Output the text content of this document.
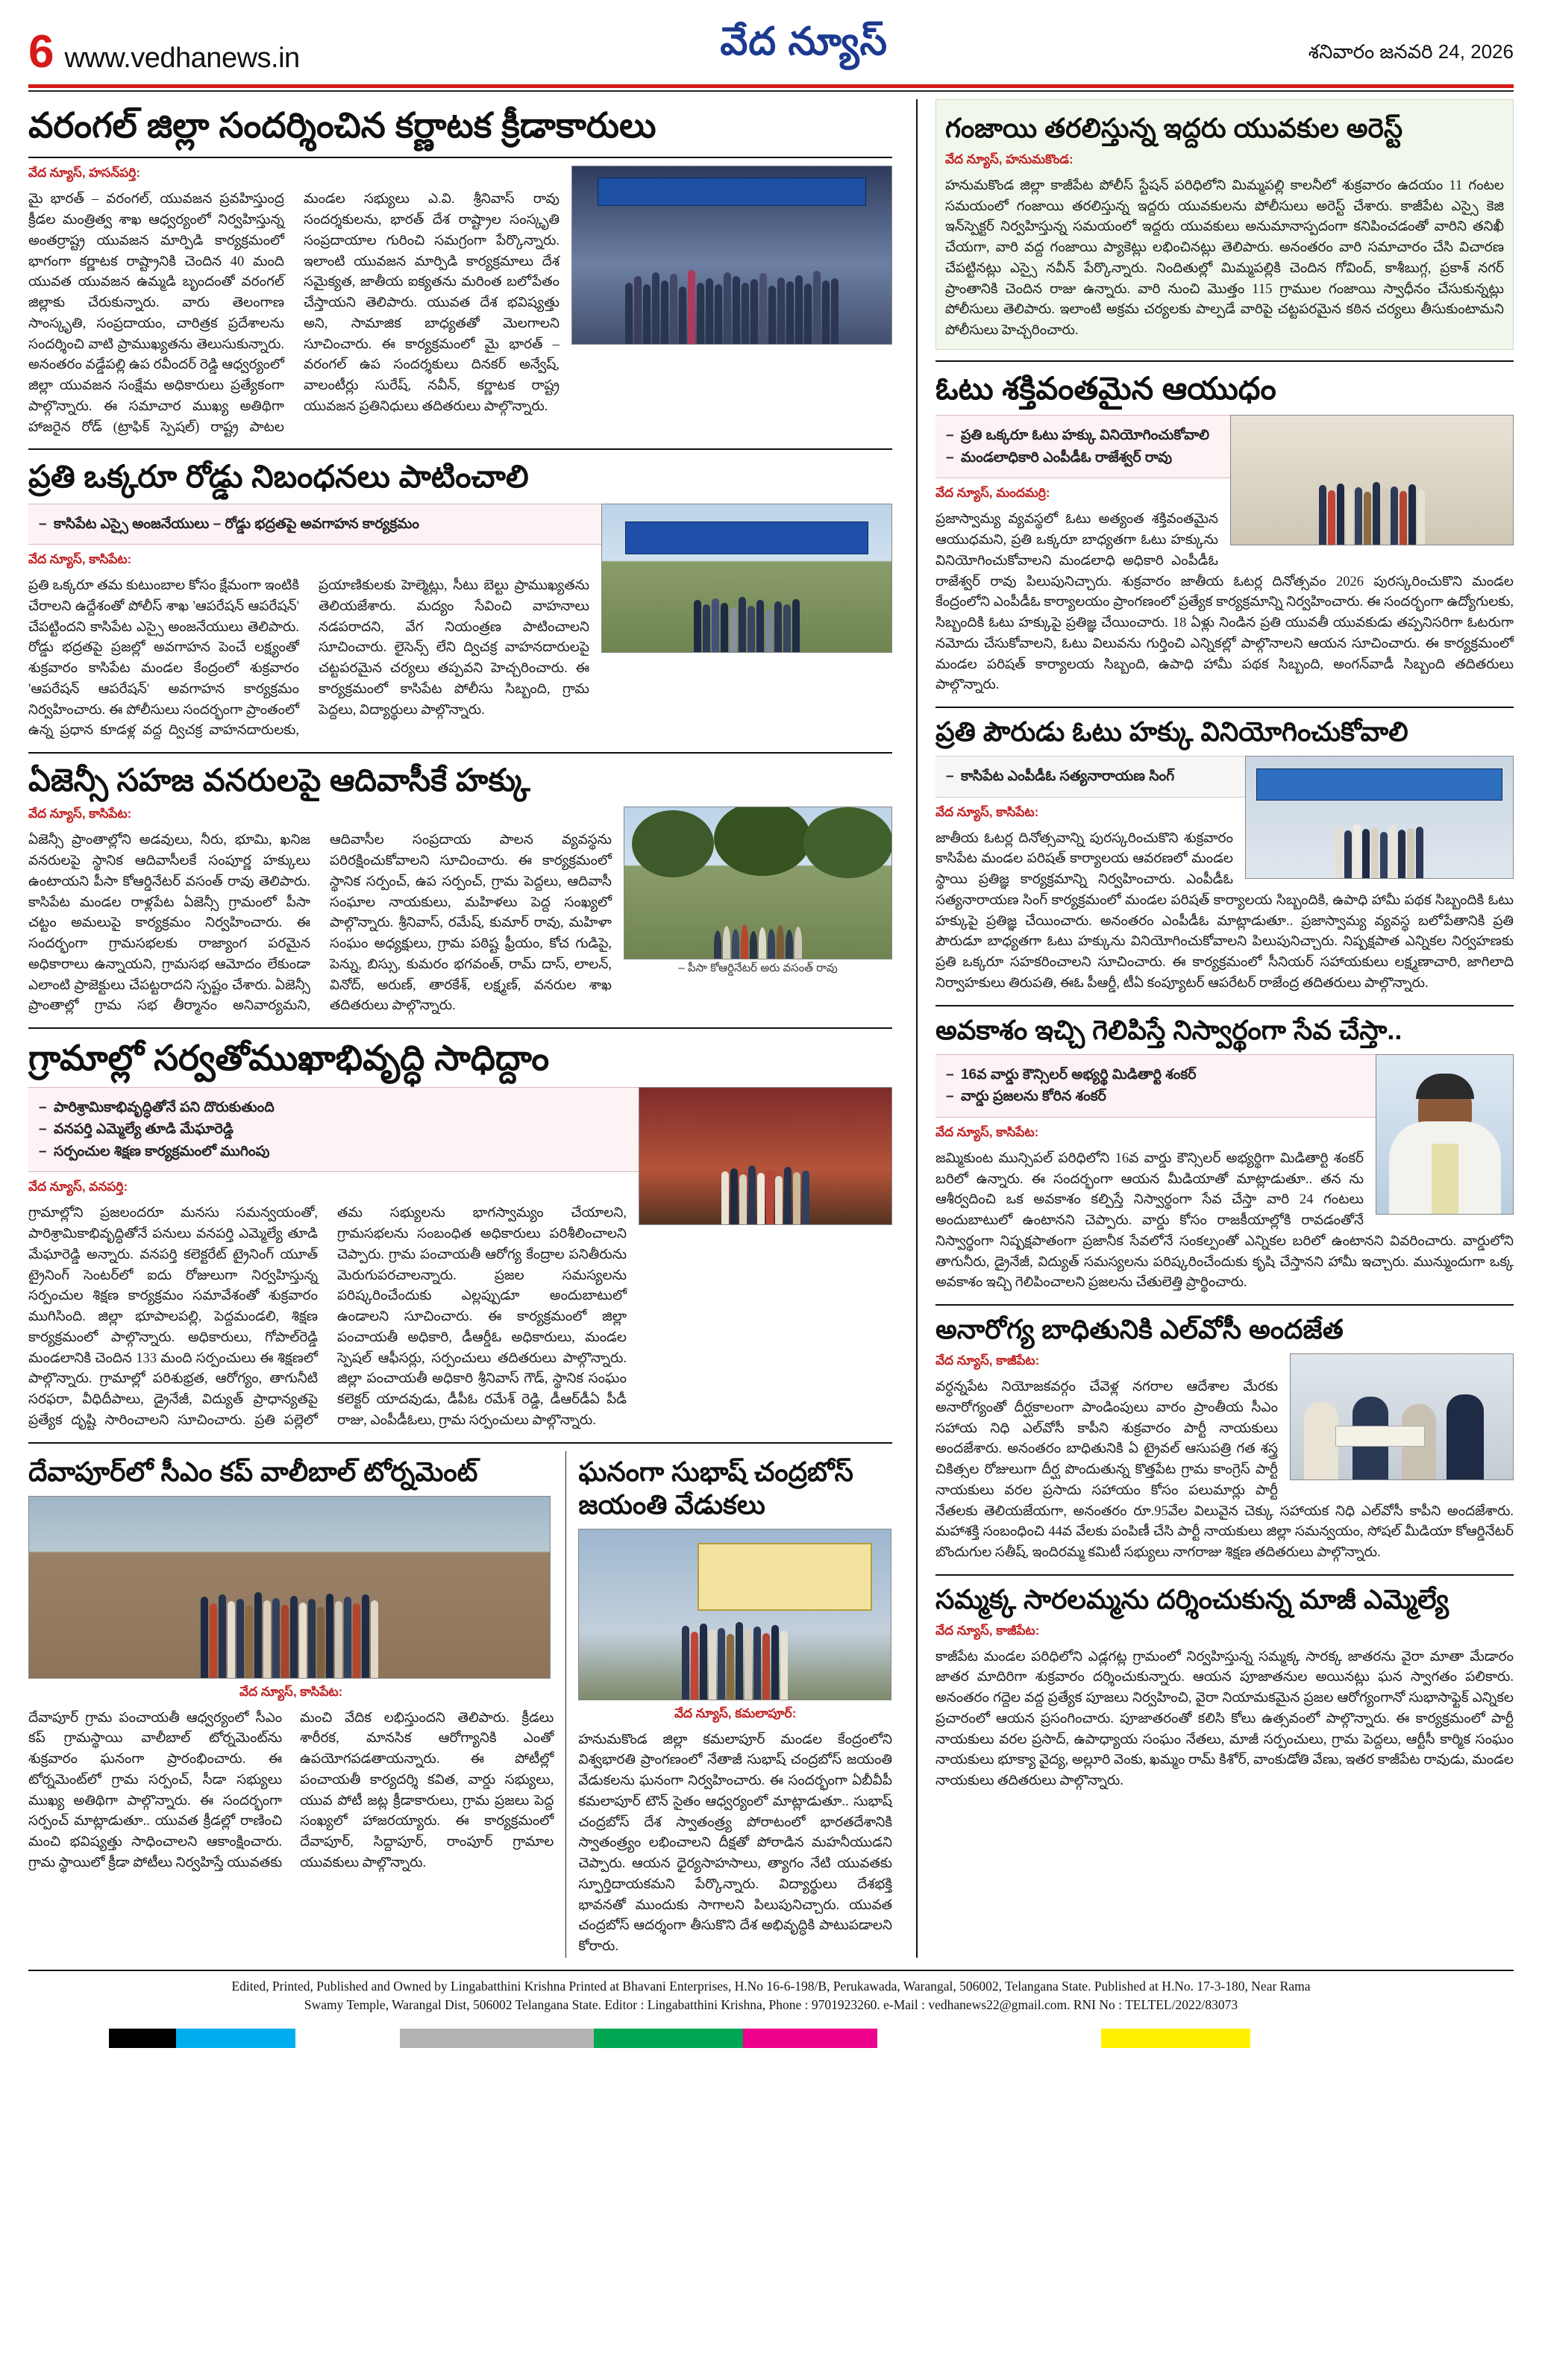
6 www.vedhanews.in	వేద న్యూస్	శనివారం జనవరి 24, 2026
వరంగల్ జిల్లా సందర్శించిన కర్ణాటక క్రీడాకారులు
వేద న్యూస్, హసన్‌పర్తి:
మై భారత్ – వరంగల్, యువజన ప్రవహిస్తుంద్ర క్రీడల మంత్రిత్వ శాఖ ఆధ్వర్యంలో నిర్వహిస్తున్న అంతర్రాష్ట్ర యువజన మార్పిడి కార్యక్రమంలో భాగంగా కర్ణాటక రాష్ట్రానికి చెందిన 40 మంది యువత యువజన ఉమ్మడి బృందంతో వరంగల్ జిల్లాకు చేరుకున్నారు. వారు తెలంగాణ సాంస్కృతి, సంప్రదాయం, చారిత్రక ప్రదేశాలను సందర్శించి వాటి ప్రాముఖ్యతను తెలుసుకున్నారు. అనంతరం వడ్డేపల్లి ఉప రవీందర్ రెడ్డి ఆధ్వర్యంలో జిల్లా యువజన సంక్షేమ అధికారులు ప్రత్యేకంగా పాల్గొన్నారు. ఈ సమాచార ముఖ్య అతిథిగా హాజరైన రోడ్ (ట్రాఫిక్ స్పెషల్) రాష్ట్ర పాటల మండల సభ్యులు ఎ.వి. శ్రీనివాస్ రావు సందర్శకులను, భారత్ దేశ రాష్ట్రాల సంస్కృతి సంప్రదాయాల గురించి సమగ్రంగా పేర్కొన్నారు. ఇలాంటి యువజన మార్పిడి కార్యక్రమాలు దేశ సమైక్యత, జాతీయ ఐక్యతను మరింత బలోపేతం చేస్తాయని తెలిపారు. యువత దేశ భవిష్యత్తు అని, సామాజిక బాధ్యతతో మెలగాలని సూచించారు. ఈ కార్యక్రమంలో మై భారత్ – వరంగల్ ఉప సందర్శకులు దినకర్ అన్వేష్, వాలంటీర్లు సురేష్, నవీన్, కర్ణాటక రాష్ట్ర యువజన ప్రతినిధులు తదితరులు పాల్గొన్నారు.
ప్రతి ఒక్కరూ రోడ్డు నిబంధనలు పాటించాలి
– కాసిపేట ఎస్సై అంజనేయులు – రోడ్డు భద్రతపై అవగాహన కార్యక్రమం
వేద న్యూస్, కాసిపేట:
ప్రతి ఒక్కరూ తమ కుటుంబాల కోసం క్షేమంగా ఇంటికి చేరాలని ఉద్దేశంతో పోలీస్ శాఖ 'ఆపరేషన్ ఆపరేషన్' చేపట్టిందని కాసిపేట ఎస్సై అంజనేయులు తెలిపారు. రోడ్డు భద్రతపై ప్రజల్లో అవగాహన పెంచే లక్ష్యంతో శుక్రవారం కాసిపేట మండల కేంద్రంలో శుక్రవారం 'ఆపరేషన్ ఆపరేషన్' అవగాహన కార్యక్రమం నిర్వహించారు. ఈ పోలీసులు సందర్భంగా ప్రాంతంలో ఉన్న ప్రధాన కూడళ్ల వద్ద ద్విచక్ర వాహనదారులకు, ప్రయాణికులకు హెల్మెట్లు, సీటు బెల్టు ప్రాముఖ్యతను తెలియజేశారు. మద్యం సేవించి వాహనాలు నడపరాదని, వేగ నియంత్రణ పాటించాలని సూచించారు. లైసెన్స్ లేని ద్విచక్ర వాహనదారులపై చట్టపరమైన చర్యలు తప్పవని హెచ్చరించారు. ఈ కార్యక్రమంలో కాసిపేట పోలీసు సిబ్బంది, గ్రామ పెద్దలు, విద్యార్థులు పాల్గొన్నారు.
ఏజెన్సీ సహజ వనరులపై ఆదివాసీకే హక్కు
– పీసా కోఆర్డినేటర్ అరు వసంత్ రావు
వేద న్యూస్, కాసిపేట:
ఏజెన్సీ ప్రాంతాల్లోని అడవులు, నీరు, భూమి, ఖనిజ వనరులపై స్థానిక ఆదివాసీలకే సంపూర్ణ హక్కులు ఉంటాయని పీసా కోఆర్డినేటర్ వసంత్ రావు తెలిపారు. కాసిపేట మండల రాళ్లపేట ఏజెన్సీ గ్రామంలో పీసా చట్టం అమలుపై కార్యక్రమం నిర్వహించారు. ఈ సందర్భంగా గ్రామసభలకు రాజ్యాంగ పరమైన అధికారాలు ఉన్నాయని, గ్రామసభ ఆమోదం లేకుండా ఎలాంటి ప్రాజెక్టులు చేపట్టరాదని స్పష్టం చేశారు. ఏజెన్సీ ప్రాంతాల్లో గ్రామ సభ తీర్మానం అనివార్యమని, ఆదివాసీల సంప్రదాయ పాలన వ్యవస్థను పరిరక్షించుకోవాలని సూచించారు. ఈ కార్యక్రమంలో స్థానిక సర్పంచ్, ఉప సర్పంచ్, గ్రామ పెద్దలు, ఆదివాసీ సంఘాల నాయకులు, మహిళలు పెద్ద సంఖ్యలో పాల్గొన్నారు. శ్రీనివాస్, రమేష్, కుమార్ రావు, మహిళా సంఘం అధ్యక్షులు, గ్రామ పఠిష్ట ఫ్రీయం, కోచ గుడిపై, పెన్ను, బిస్సు, కుమరం భగవంత్, రామ్ దాస్, లాలన్, వినోద్, అరుణ్, తారకేశ్, లక్ష్మణ్, వనరుల శాఖ తదితరులు పాల్గొన్నారు.
గ్రామాల్లో సర్వతోముఖాభివృద్ధి సాధిద్దాం
– పారిశ్రామికాభివృద్ధితోనే పని దొరుకుతుంది
– వనపర్తి ఎమ్మెల్యే తూడి మేఘారెడ్డి
– సర్పంచుల శిక్షణ కార్యక్రమంలో ముగింపు
వేద న్యూస్, వనపర్తి:
గ్రామాల్లోని ప్రజలందరూ మనసు సమన్వయంతో, పారిశ్రామికాభివృద్ధితోనే పనులు వనపర్తి ఎమ్మెల్యే తూడి మేఘారెడ్డి అన్నారు. వనపర్తి కలెక్టరేట్ ట్రైనింగ్ యూత్ ట్రైనింగ్ సెంటర్‌లో ఐదు రోజులుగా నిర్వహిస్తున్న సర్పంచుల శిక్షణ కార్యక్రమం సమావేశంతో శుక్రవారం ముగిసింది. జిల్లా భూపాలపల్లి, పెద్దమండలి, శిక్షణ కార్యక్రమంలో పాల్గొన్నారు. అధికారులు, గోపాల్‌రెడ్డి మండలానికి చెందిన 133 మంది సర్పంచులు ఈ శిక్షణలో పాల్గొన్నారు. గ్రామాల్లో పరిశుభ్రత, ఆరోగ్యం, తాగునీటి సరఫరా, వీధిదీపాలు, డ్రైనేజీ, విద్యుత్ ప్రాధాన్యతపై ప్రత్యేక దృష్టి సారించాలని సూచించారు. ప్రతి పల్లెలో తమ సభ్యులను భాగస్వామ్యం చేయాలని, గ్రామసభలను సంబంధిత అధికారులు పరిశీలించాలని చెప్పారు. గ్రామ పంచాయతీ ఆరోగ్య కేంద్రాల పనితీరును మెరుగుపరచాలన్నారు. ప్రజల సమస్యలను పరిష్కరించేందుకు ఎల్లప్పుడూ అందుబాటులో ఉండాలని సూచించారు. ఈ కార్యక్రమంలో జిల్లా పంచాయతీ అధికారి, డీఆర్డీఓ అధికారులు, మండల స్పెషల్ ఆఫీసర్లు, సర్పంచులు తదితరులు పాల్గొన్నారు. జిల్లా పంచాయతీ అధికారి శ్రీనివాస్ గౌడ్, స్థానిక సంఘం కలెక్టర్ యాదవుడు, డీపీఓ రమేశ్ రెడ్డి, డీఆర్‌డీఏ పీడీ రాజు, ఎంపీడీఓలు, గ్రామ సర్పంచులు పాల్గొన్నారు.
దేవాపూర్‌లో సీఎం కప్ వాలీబాల్ టోర్నమెంట్
వేద న్యూస్, కాసిపేట:
దేవాపూర్ గ్రామ పంచాయతీ ఆధ్వర్యంలో సీఎం కప్ గ్రామస్థాయి వాలీబాల్ టోర్నమెంట్‌ను శుక్రవారం ఘనంగా ప్రారంభించారు. ఈ టోర్నమెంట్‌లో గ్రామ సర్పంచ్, సీడా సభ్యులు ముఖ్య అతిథిగా పాల్గొన్నారు. ఈ సందర్భంగా సర్పంచ్ మాట్లాడుతూ.. యువత క్రీడల్లో రాణించి మంచి భవిష్యత్తు సాధించాలని ఆకాంక్షించారు. గ్రామ స్థాయిలో క్రీడా పోటీలు నిర్వహిస్తే యువతకు మంచి వేదిక లభిస్తుందని తెలిపారు. క్రీడలు శారీరక, మానసిక ఆరోగ్యానికి ఎంతో ఉపయోగపడతాయన్నారు. ఈ పోటీల్లో పంచాయతీ కార్యదర్శి కవిత, వార్డు సభ్యులు, యువ పోటీ జట్ల క్రీడాకారులు, గ్రామ ప్రజలు పెద్ద సంఖ్యలో హాజరయ్యారు. ఈ కార్యక్రమంలో దేవాపూర్, సిద్దాపూర్, రాంపూర్ గ్రామాల యువకులు పాల్గొన్నారు.
ఘనంగా సుభాష్ చంద్రబోస్ జయంతి వేడుకలు
వేద న్యూస్, కమలాపూర్:
హనుమకొండ జిల్లా కమలాపూర్ మండల కేంద్రంలోని విశ్వభారతి ప్రాంగణంలో నేతాజీ సుభాష్ చంద్రబోస్ జయంతి వేడుకలను ఘనంగా నిర్వహించారు. ఈ సందర్భంగా ఏబీవీపీ కమలాపూర్ టౌన్ సైతం ఆధ్వర్యంలో మాట్లాడుతూ.. సుభాష్ చంద్రబోస్ దేశ స్వాతంత్ర్య పోరాటంలో భారతదేశానికి స్వాతంత్ర్యం లభించాలని దీక్షతో పోరాడిన మహనీయుడని చెప్పారు. ఆయన ధైర్యసాహసాలు, త్యాగం నేటి యువతకు స్ఫూర్తిదాయకమని పేర్కొన్నారు. విద్యార్థులు దేశభక్తి భావనతో ముందుకు సాగాలని పిలుపునిచ్చారు. యువత చంద్రబోస్ ఆదర్శంగా తీసుకొని దేశ అభివృద్ధికి పాటుపడాలని కోరారు.
గంజాయి తరలిస్తున్న ఇద్దరు యువకుల అరెస్ట్
వేద న్యూస్, హనుమకొండ:
హనుమకొండ జిల్లా కాజీపేట పోలీస్ స్టేషన్ పరిధిలోని మిమ్మపల్లి కాలనీలో శుక్రవారం ఉదయం 11 గంటల సమయంలో గంజాయి తరలిస్తున్న ఇద్దరు యువకులను పోలీసులు అరెస్ట్ చేశారు. కాజీపేట ఎస్సై కెజి ఇన్‌స్పెక్టర్ నిర్వహిస్తున్న సమయంలో ఇద్దరు యువకులు అనుమానాస్పదంగా కనిపించడంతో వారిని తనిఖీ చేయగా, వారి వద్ద గంజాయి ప్యాకెట్లు లభించినట్లు తెలిపారు. అనంతరం వారి సమాచారం చేసి విచారణ చేపట్టినట్లు ఎస్సై నవీన్ పేర్కొన్నారు. నిందితుల్లో మిమ్మపల్లికి చెందిన గోవింద్, కాశీబుగ్గ, ప్రకాశ్ నగర్ ప్రాంతానికి చెందిన రాజు ఉన్నారు. వారి నుంచి మొత్తం 115 గ్రాముల గంజాయి స్వాధీనం చేసుకున్నట్లు పోలీసులు తెలిపారు. ఇలాంటి అక్రమ చర్యలకు పాల్పడే వారిపై చట్టపరమైన కఠిన చర్యలు తీసుకుంటామని పోలీసులు హెచ్చరించారు.
ఓటు శక్తివంతమైన ఆయుధం
– ప్రతి ఒక్కరూ ఓటు హక్కు వినియోగించుకోవాలి
– మండలాధికారి ఎంపీడీఓ రాజేశ్వర్ రావు
వేద న్యూస్, మందమర్రి:
ప్రజాస్వామ్య వ్యవస్థలో ఓటు అత్యంత శక్తివంతమైన ఆయుధమని, ప్రతి ఒక్కరూ బాధ్యతగా ఓటు హక్కును వినియోగించుకోవాలని మండలాధి అధికారి ఎంపీడీఓ రాజేశ్వర్ రావు పిలుపునిచ్చారు. శుక్రవారం జాతీయ ఓటర్ల దినోత్సవం 2026 పురస్కరించుకొని మండల కేంద్రంలోని ఎంపీడీఓ కార్యాలయం ప్రాంగణంలో ప్రత్యేక కార్యక్రమాన్ని నిర్వహించారు. ఈ సందర్భంగా ఉద్యోగులకు, సిబ్బందికి ఓటు హక్కుపై ప్రతిజ్ఞ చేయించారు. 18 ఏళ్లు నిండిన ప్రతి యువతీ యువకుడు తప్పనిసరిగా ఓటరుగా నమోదు చేసుకోవాలని, ఓటు విలువను గుర్తించి ఎన్నికల్లో పాల్గొనాలని ఆయన సూచించారు. ఈ కార్యక్రమంలో మండల పరిషత్ కార్యాలయ సిబ్బంది, ఉపాధి హామీ పథక సిబ్బంది, అంగన్‌వాడీ సిబ్బంది తదితరులు పాల్గొన్నారు.
ప్రతి పౌరుడు ఓటు హక్కు వినియోగించుకోవాలి
– కాసిపేట ఎంపీడీఓ సత్యనారాయణ సింగ్
వేద న్యూస్, కాసిపేట:
జాతీయ ఓటర్ల దినోత్సవాన్ని పురస్కరించుకొని శుక్రవారం కాసిపేట మండల పరిషత్ కార్యాలయ ఆవరణలో మండల స్థాయి ప్రతిజ్ఞ కార్యక్రమాన్ని నిర్వహించారు. ఎంపీడీఓ సత్యనారాయణ సింగ్ కార్యక్రమంలో మండల పరిషత్ కార్యాలయ సిబ్బందికి, ఉపాధి హామీ పథక సిబ్బందికి ఓటు హక్కుపై ప్రతిజ్ఞ చేయించారు. అనంతరం ఎంపీడీఓ మాట్లాడుతూ.. ప్రజాస్వామ్య వ్యవస్థ బలోపేతానికి ప్రతి పౌరుడూ బాధ్యతగా ఓటు హక్కును వినియోగించుకోవాలని పిలుపునిచ్చారు. నిష్పక్షపాత ఎన్నికల నిర్వహణకు ప్రతి ఒక్కరూ సహకరించాలని సూచించారు. ఈ కార్యక్రమంలో సీనియర్ సహాయకులు లక్ష్మణాచారి, జాగిలాది నిర్వాహకులు తిరుపతి, ఈఓ పీఆర్డీ, టీఏ కంప్యూటర్ ఆపరేటర్ రాజేంద్ర తదితరులు పాల్గొన్నారు.
అవకాశం ఇచ్చి గెలిపిస్తే నిస్వార్థంగా సేవ చేస్తా..
– 16వ వార్డు కౌన్సిలర్ అభ్యర్థి మిడితార్టి శంకర్
– వార్డు ప్రజలను కోరిన శంకర్
వేద న్యూస్, కాసిపేట:
జమ్మికుంట మున్సిపల్ పరిధిలోని 16వ వార్డు కౌన్సిలర్ అభ్యర్థిగా మిడితార్టి శంకర్ బరిలో ఉన్నారు. ఈ సందర్భంగా ఆయన మీడియాతో మాట్లాడుతూ.. తన ను ఆశీర్వదించి ఒక అవకాశం కల్పిస్తే నిస్వార్థంగా సేవ చేస్తా వారి 24 గంటలు అందుబాటులో ఉంటానని చెప్పారు. వార్డు కోసం రాజకీయాల్లోకి రావడంతోనే నిస్వార్థంగా నిష్పక్షపాతంగా ప్రజానీక సేవలోనే సంకల్పంతో ఎన్నికల బరిలో ఉంటానని వివరించారు. వార్డులోని తాగునీరు, డ్రైనేజీ, విద్యుత్ సమస్యలను పరిష్కరించేందుకు కృషి చేస్తానని హామీ ఇచ్చారు. మున్ముందుగా ఒక్క అవకాశం ఇచ్చి గెలిపించాలని ప్రజలను చేతులెత్తి ప్రార్థించారు.
అనారోగ్య బాధితునికి ఎల్‌వోసీ అందజేత
వేద న్యూస్, కాజీపేట:
వర్ధన్నపేట నియోజకవర్గం చేవెళ్ల నగరాల ఆదేశాల మేరకు అనారోగ్యంతో దీర్ఘకాలంగా పాండింపులు వారం ప్రాంతీయ సీఎం సహాయ నిధి ఎల్‌వోసీ కాపీని శుక్రవారం పార్టీ నాయకులు అందజేశారు. అనంతరం బాధితునికి ఏ ట్రైవల్ ఆసుపత్రి గత శస్త్ర చికిత్సల రోజులుగా దీర్ఘ పొందుతున్న కొత్తపేట గ్రామ కాంగ్రెస్ పార్టీ నాయకులు వరల ప్రసాదు సహాయం కోసం పలుమార్లు పార్టీ నేతలకు తెలియజేయగా, అనంతరం రూ.95వేల విలువైన చెక్కు సహాయక నిధి ఎల్‌వోసీ కాపీని అందజేశారు. మహాశక్తి సంబంధించి 44వ వేలకు పంపిణీ చేసి పార్టీ నాయకులు జిల్లా సమన్వయం, సోషల్ మీడియా కోఆర్డినేటర్ బొందుగుల సతీష్, ఇందిరమ్మ కమిటీ సభ్యులు నాగరాజు శిక్షణ తదితరులు పాల్గొన్నారు.
సమ్మక్క సారలమ్మను దర్శించుకున్న మాజీ ఎమ్మెల్యే
వేద న్యూస్, కాజీపేట:
కాజీపేట మండల పరిధిలోని ఎడ్లగట్ల గ్రామంలో నిర్వహిస్తున్న సమ్మక్క సారక్క జాతరను వైరా మాతా మేడారం జాతర మాదిరిగా శుక్రవారం దర్శించుకున్నారు. ఆయన పూజాతనుల అయినట్లు ఘన స్వాగతం పలికారు. అనంతరం గద్దెల వద్ద ప్రత్యేక పూజలు నిర్వహించి, వైరా నియామకమైన ప్రజల ఆరోగ్యంగానో సుభాసాఫ్టెక్‌ ఎన్నికల ప్రచారంలో ఆయన ప్రసంగించారు. పూజాతరంతో కలిసి కోలు ఉత్సవంలో పాల్గొన్నారు. ఈ కార్యక్రమంలో పార్టీ నాయకులు వరల ప్రసాద్, ఉపాధ్యాయ సంఘం నేతలు, మాజీ సర్పంచులు, గ్రామ పెద్దలు, ఆర్టీసీ కార్మిక సంఘం నాయకులు భూక్యా వైద్య, అల్లూరి వెంకు, ఖమ్మం రామ్ కిశోర్, వాంకుడోతి వేణు, ఇతర కాజీపేట రావుడు, మండల నాయకులు తదితరులు పాల్గొన్నారు.
Edited, Printed, Published and Owned by Lingabatthini Krishna Printed at Bhavani Enterprises, H.No 16-6-198/B, Perukawada, Warangal, 506002, Telangana State. Published at H.No. 17-3-180, Near Rama
Swamy Temple, Warangal Dist, 506002 Telangana State. Editor : Lingabatthini Krishna, Phone : 9701923260. e-Mail : vedhanews22@gmail.com. RNI No : TELTEL/2022/83073
